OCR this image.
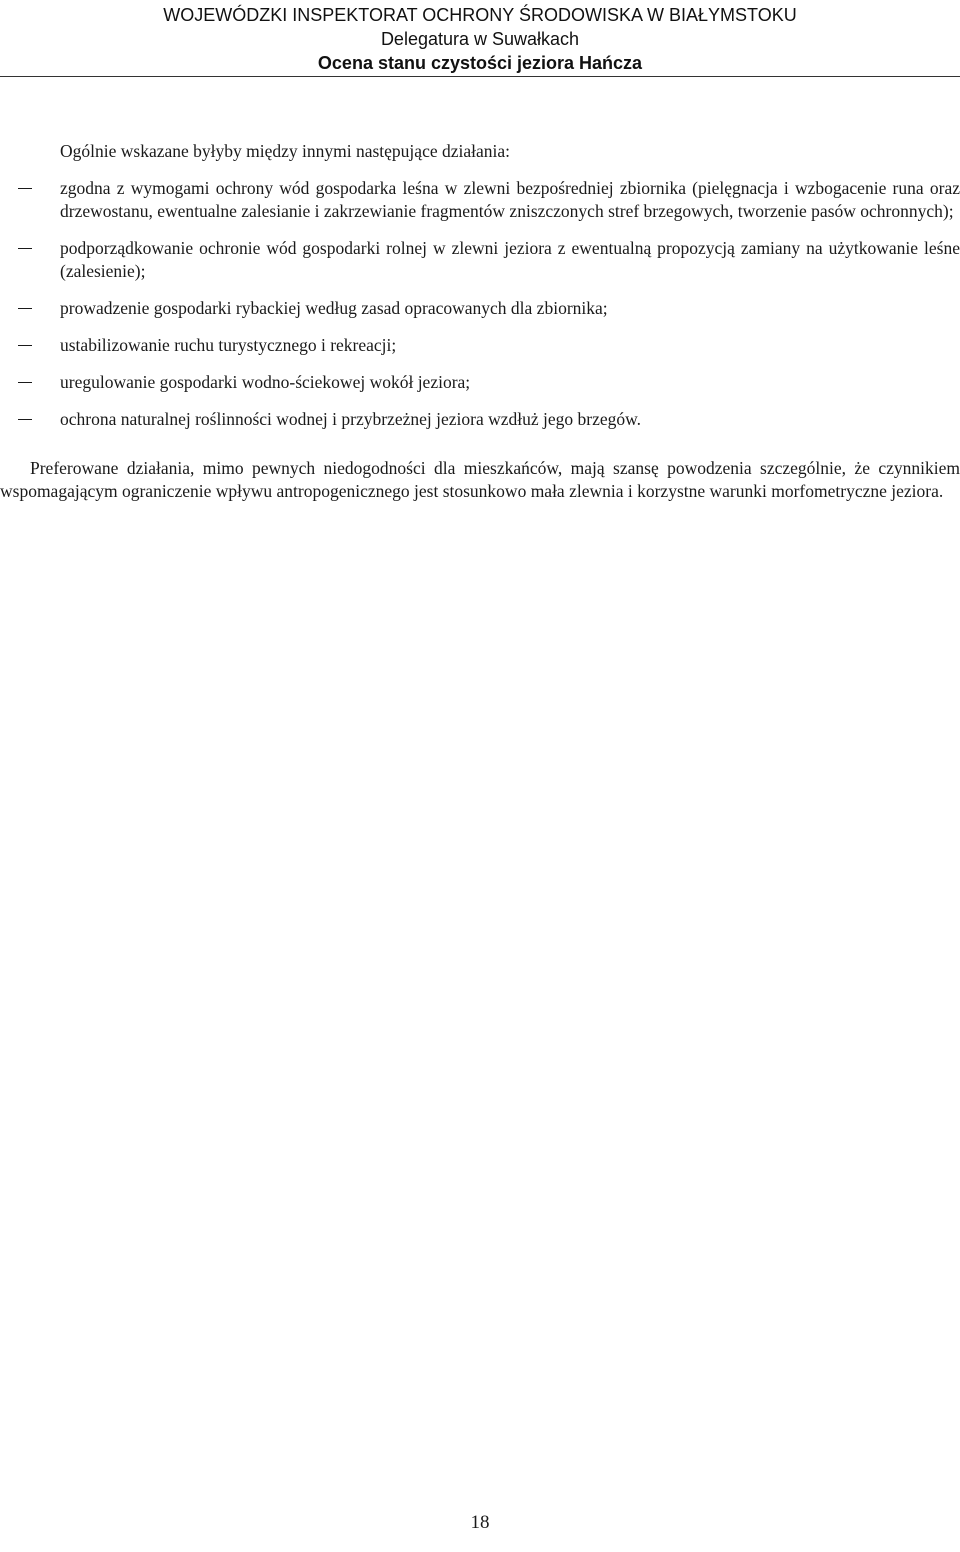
WOJEWÓDZKI INSPEKTORAT OCHRONY ŚRODOWISKA W BIAŁYMSTOKU
Delegatura w Suwałkach
Ocena stanu czystości jeziora Hańcza

Ogólnie wskazane byłyby między innymi następujące działania:

zgodna z wymogami ochrony wód gospodarka leśna w zlewni bezpośredniej zbiornika (pielęgnacja i wzbogacenie runa oraz drzewostanu, ewentualne zalesianie i zakrzewianie fragmentów zniszczonych stref brzegowych, tworzenie pasów ochronnych);
podporządkowanie ochronie wód gospodarki rolnej w zlewni jeziora z ewentualną propozycją zamiany na użytkowanie leśne (zalesienie);
prowadzenie gospodarki rybackiej według zasad opracowanych dla zbiornika;
ustabilizowanie ruchu turystycznego i rekreacji;
uregulowanie gospodarki wodno-ściekowej wokół jeziora;
ochrona naturalnej roślinności wodnej i przybrzeżnej jeziora wzdłuż jego brzegów.

Preferowane działania, mimo pewnych niedogodności dla mieszkańców, mają szansę powodzenia szczególnie, że czynnikiem wspomagającym ograniczenie wpływu antropogenicznego jest stosunkowo mała zlewnia i korzystne warunki morfometryczne jeziora.

18
